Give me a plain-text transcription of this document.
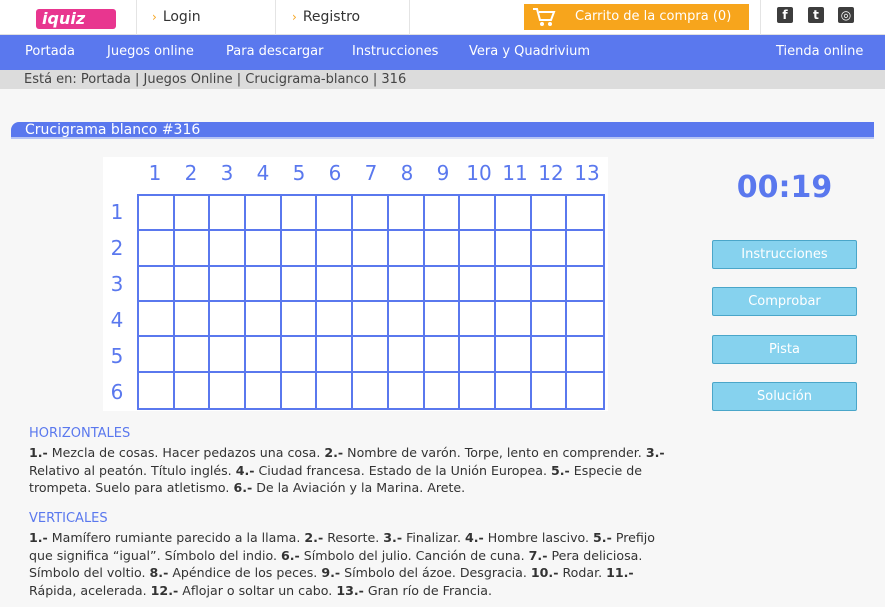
iquiz	› Login	› Registro	Carrito de la compra (0)	f	t	◎
Portada Juegos online Para descargar Instrucciones Vera y Quadrivium	Tienda online
Está en: Portada | Juegos Online | Crucigrama-blanco | 316
Crucigrama blanco #316
1	2	3	4	5	6	7	8	9 10 11 12 13
1
2
3
4
5
6
00:19
Instrucciones
Comprobar
Pista
Solución
HORIZONTALES
1.- Mezcla de cosas. Hacer pedazos una cosa. 2.- Nombre de varón. Torpe, lento en comprender. 3.- Relativo al peatón. Título inglés. 4.- Ciudad francesa. Estado de la Unión Europea. 5.- Especie de trompeta. Suelo para atletismo. 6.- De la Aviación y la Marina. Arete.
VERTICALES
1.- Mamífero rumiante parecido a la llama. 2.- Resorte. 3.- Finalizar. 4.- Hombre lascivo. 5.- Prefijo que significa “igual”. Símbolo del indio. 6.- Símbolo del julio. Canción de cuna. 7.- Pera deliciosa. Símbolo del voltio. 8.- Apéndice de los peces. 9.- Símbolo del ázoe. Desgracia. 10.- Rodar. 11.- Rápida, acelerada. 12.- Aflojar o soltar un cabo. 13.- Gran río de Francia.
